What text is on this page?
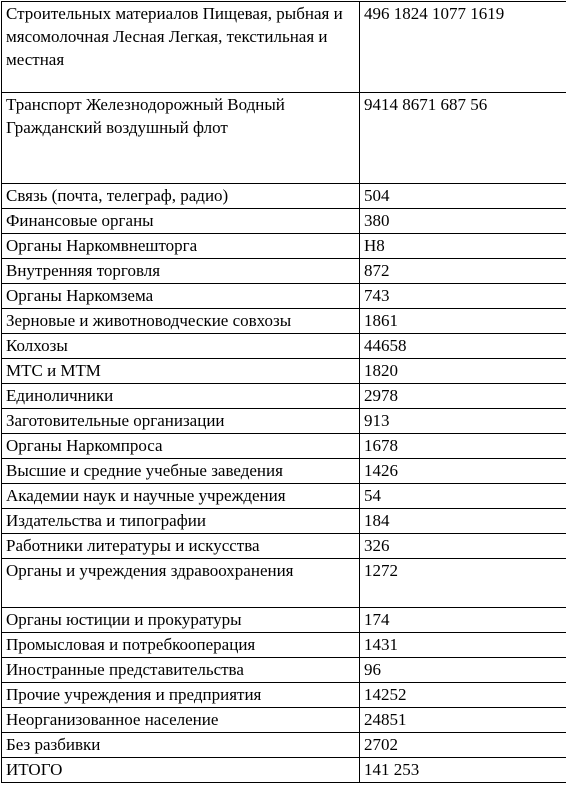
Строительных материалов Пищевая, рыбная и мясомолочная Лесная Легкая, текстильная и местная	496 1824 1077 1619
Транспорт Железнодорожный Водный Гражданский воздушный флот	9414 8671 687 56
Связь (почта, телеграф, радио)	504
Финансовые органы	380
Органы Наркомвнешторга	Н8
Внутренняя торговля	872
Органы Наркомзема	743
Зерновые и животноводческие совхозы	1861
Колхозы	44658
МТС и МТМ	1820
Единоличники	2978
Заготовительные организации	913
Органы Наркомпроса	1678
Высшие и средние учебные заведения	1426
Академии наук и научные учреждения	54
Издательства и типографии	184
Работники литературы и искусства	326
Органы и учреждения здравоохранения	1272
Органы юстиции и прокуратуры	174
Промысловая и потребкооперация	1431
Иностранные представительства	96
Прочие учреждения и предприятия	14252
Неорганизованное население	24851
Без разбивки	2702
ИТОГО	141 253
